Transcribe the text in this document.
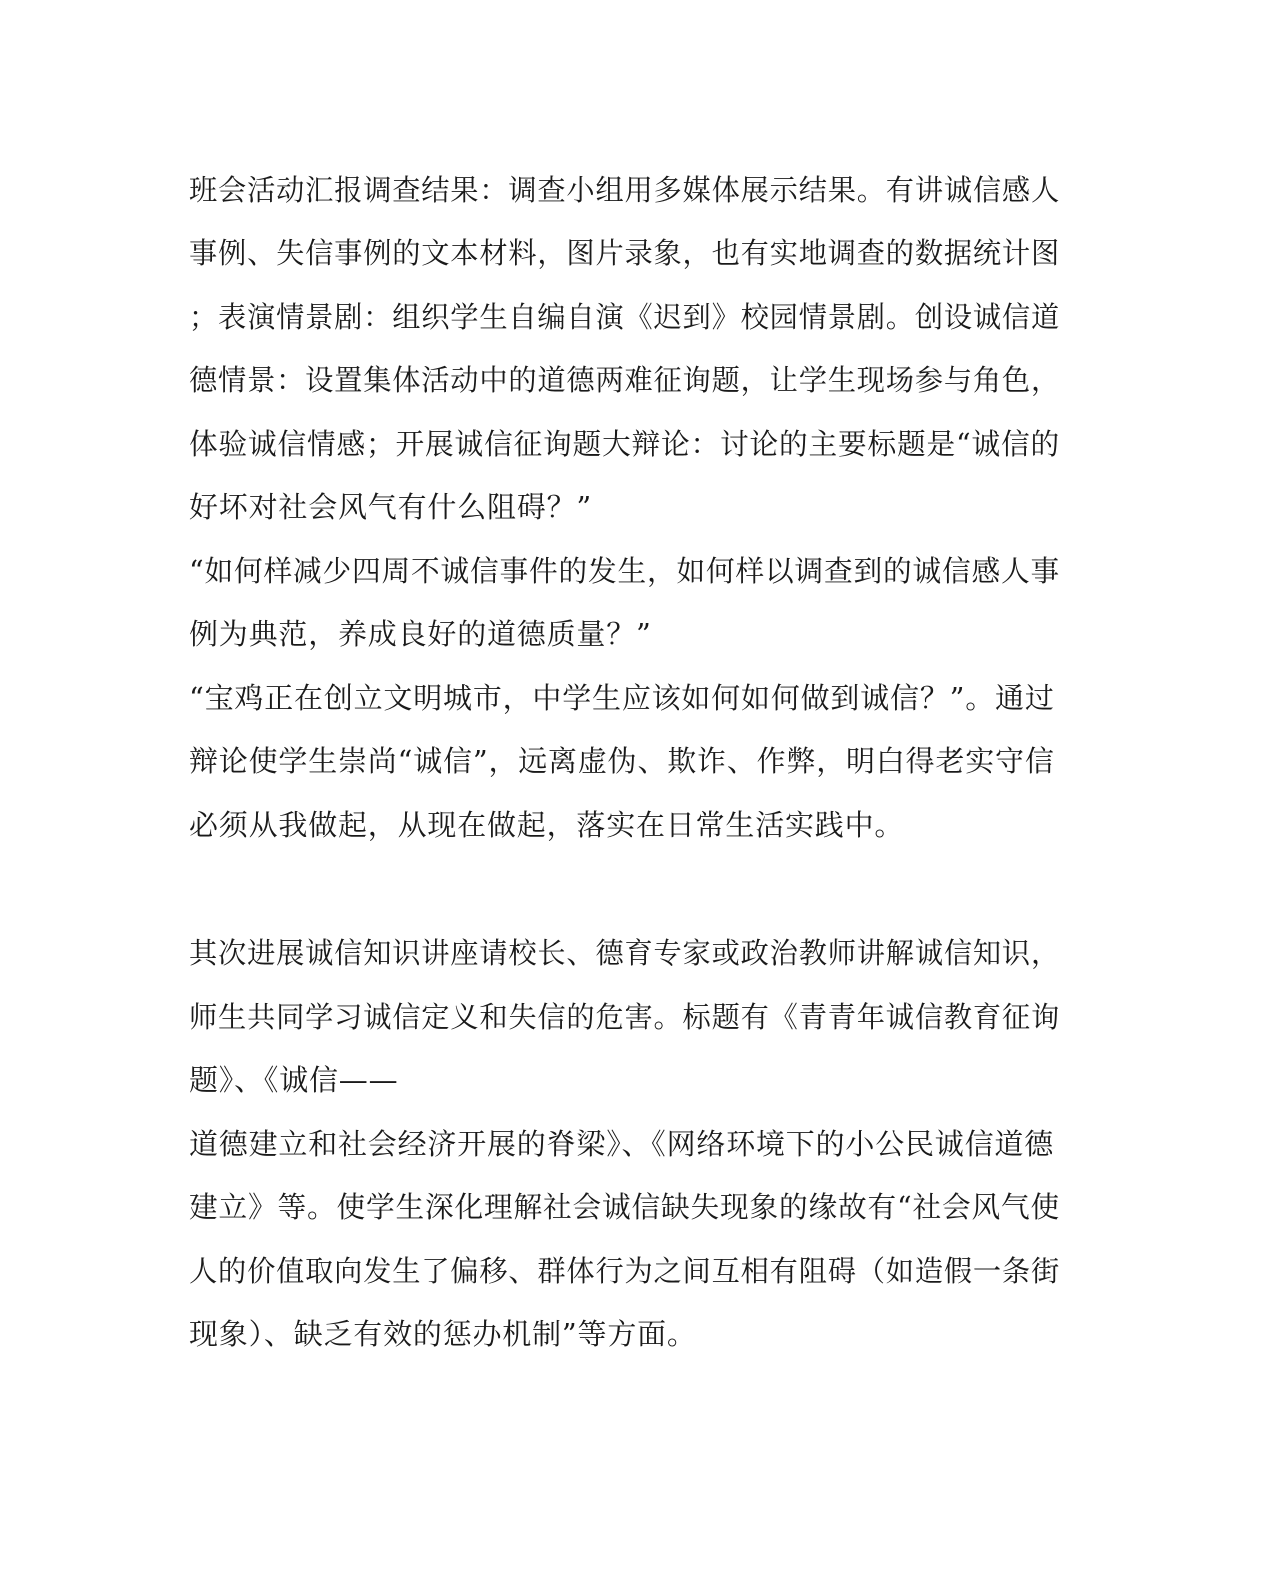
班会活动汇报调查结果：调查小组用多媒体展示结果。有讲诚信感人
事例、失信事例的文本材料，图片录象，也有实地调查的数据统计图
；表演情景剧：组织学生自编自演《迟到》校园情景剧。创设诚信道
德情景：设置集体活动中的道德两难征询题，让学生现场参与角色，
体验诚信情感；开展诚信征询题大辩论：讨论的主要标题是“诚信的
好坏对社会风气有什么阻碍？”
“如何样减少四周不诚信事件的发生，如何样以调查到的诚信感人事
例为典范，养成良好的道德质量？”
“宝鸡正在创立文明城市，中学生应该如何如何做到诚信？”。通过
辩论使学生崇尚“诚信”，远离虚伪、欺诈、作弊，明白得老实守信
必须从我做起，从现在做起，落实在日常生活实践中。
其次进展诚信知识讲座请校长、德育专家或政治教师讲解诚信知识，
师生共同学习诚信定义和失信的危害。标题有《青青年诚信教育征询
题》、《诚信——
道德建立和社会经济开展的脊梁》、《网络环境下的小公民诚信道德
建立》等。使学生深化理解社会诚信缺失现象的缘故有“社会风气使
人的价值取向发生了偏移、群体行为之间互相有阻碍（如造假一条街
现象）、缺乏有效的惩办机制”等方面。
